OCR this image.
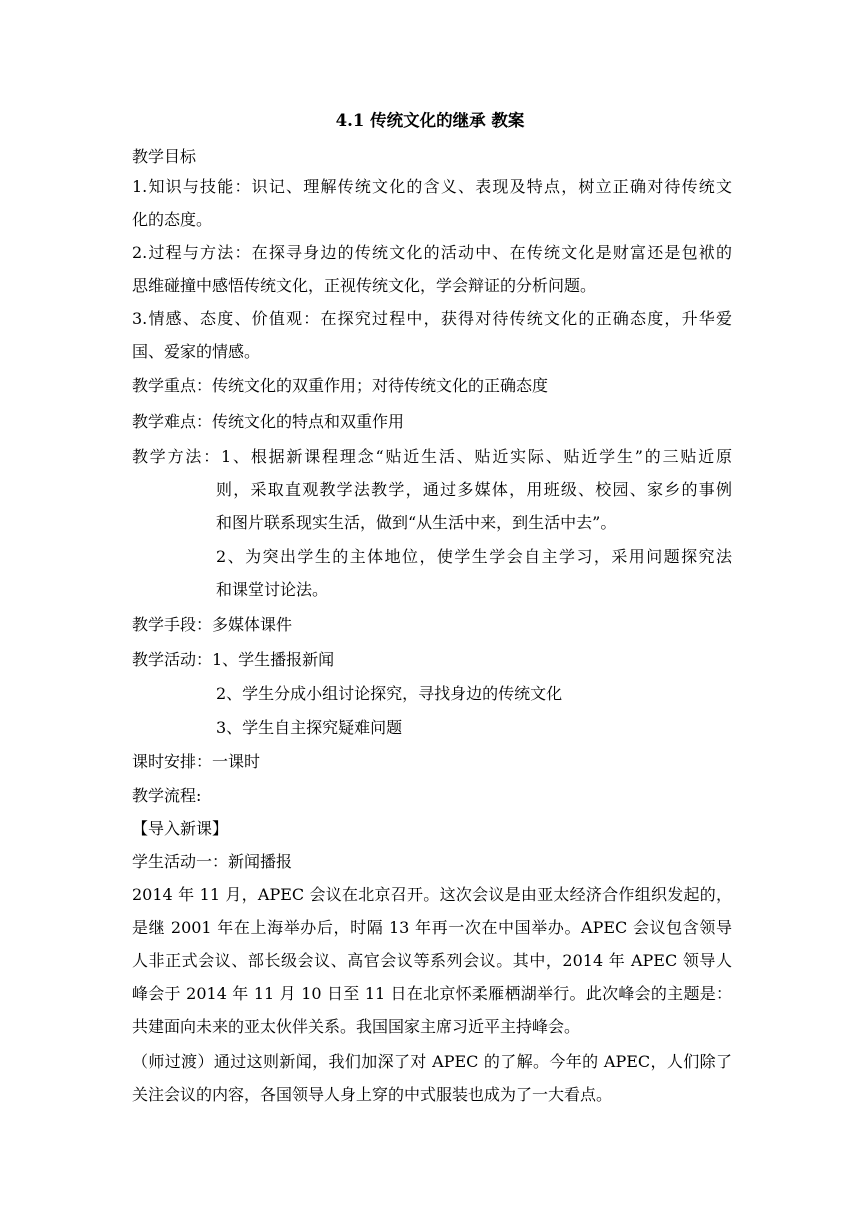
4.1 传统文化的继承 教案
教学目标
1.知识与技能：识记、理解传统文化的含义、表现及特点，树立正确对待传统文
化的态度。
2.过程与方法：在探寻身边的传统文化的活动中、在传统文化是财富还是包袱的
思维碰撞中感悟传统文化，正视传统文化，学会辩证的分析问题。
3.情感、态度、价值观：在探究过程中，获得对待传统文化的正确态度，升华爱
国、爱家的情感。
教学重点：传统文化的双重作用；对待传统文化的正确态度
教学难点：传统文化的特点和双重作用
教学方法：1、根据新课程理念“贴近生活、贴近实际、贴近学生”的三贴近原
则，采取直观教学法教学，通过多媒体，用班级、校园、家乡的事例
和图片联系现实生活，做到“从生活中来，到生活中去”。
2、为突出学生的主体地位，使学生学会自主学习，采用问题探究法
和课堂讨论法。
教学手段：多媒体课件
教学活动：1、学生播报新闻
2、学生分成小组讨论探究，寻找身边的传统文化
3、学生自主探究疑难问题
课时安排：一课时
教学流程:
【导入新课】
学生活动一：新闻播报
2014 年 11 月，APEC 会议在北京召开。这次会议是由亚太经济合作组织发起的，
是继 2001 年在上海举办后，时隔 13 年再一次在中国举办。APEC 会议包含领导
人非正式会议、部长级会议、高官会议等系列会议。其中，2014 年 APEC 领导人
峰会于 2014 年 11 月 10 日至 11 日在北京怀柔雁栖湖举行。此次峰会的主题是：
共建面向未来的亚太伙伴关系。我国国家主席习近平主持峰会。
（师过渡）通过这则新闻，我们加深了对 APEC 的了解。今年的 APEC，人们除了
关注会议的内容，各国领导人身上穿的中式服装也成为了一大看点。
